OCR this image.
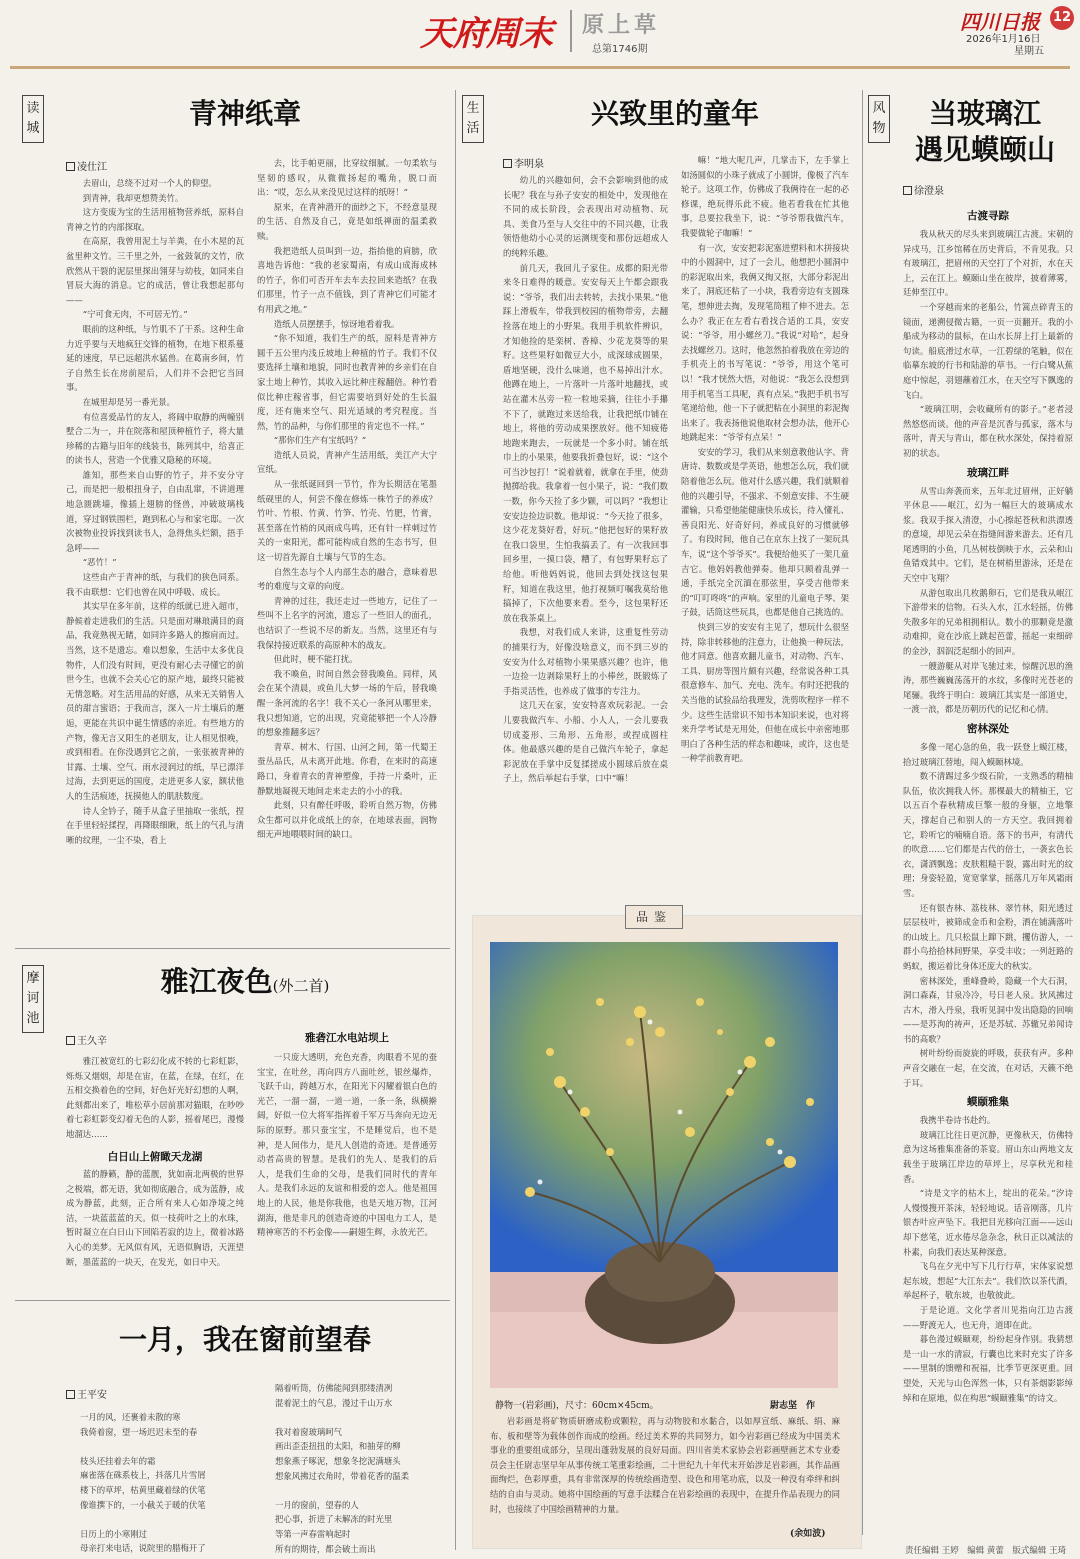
天府周末 原上草
总第1746期
四川日报 12
2026年1月16日
星期五
读城	青神纸章
凌仕江

去眉山，总绕不过对一个人的仰望。

到青神，我却更想赞美竹。

这方变废为宝的生活用植物营养纸，原料自青神之竹的内部探取。

在高原，我曾用泥土与羊粪，在小木屋的瓦盆里种文竹。三千里之外，一盆鼓氧的文竹，欣欣然从干裂的泥层里探出翎芽与幼枝，如同来自冒辰大海的消息。它的成活，曾让我想起那句——

“宁可食无肉，不可居无竹。”

眼前的这种纸，与竹肌不了干系。这种生命力近乎要与天地疯狂交锋的植物，在地下根系蔓延的速度，早已远超洪水猛兽。在葛南乡间，竹子自然生长在房前屋后，人们并不会把它当回事。

在城里却是另一番光景。

有位喜爱品竹的友人，将阔中取静的两幢别墅合二为一，并在院落和屋顶种植竹子，将大量珍稀的古籍与旧年的线装书，陈列其中，给喜正的读书人，营造一个优雅又隐秘的环境。

誰知，那些来自山野的竹子，并不安分守己，而是把一般根扭身子，自由乱窜，不讲道理地急匮跳墙，像插上翅膀的怪兽，冲破玻璃栈道，穿过钢铁围栏，跑到私心与和家宅邸。一次次被物业投诉找到读书人，急得焦头烂额，捂手急呼——

“恶竹！”

这些由产于青神的纸，与我们的狭色同系。我不由联想：它们也曾在风中呼吸、成长。

其实早在多年前，这样的纸就已进入超市，静候着走进我们的生活。只是面对琳琅满目的商品，我竟熟视无睹，如同许多路人的擦肩而过。当然，这不是遗忘。难以想象，生活中太多优良物件，人们没有时间，更没有耐心去寻懂它的前世今生，也就不会关心它的原产地，最终只能被无情忽略。对生活用品的好感，从来无关销售人员的甜言蜜语；于我而言，深入一片土壤后的邂逅，更能在共识中诞生情感的亲近。有些地方的产物，像无言又阳生的老朋友，让人相见恨晚，或到相看。在你没遇到它之前，一张张被青神的甘露、土壤、空气、雨水浸润过的纸，早已漂洋过海，去到更远的国度，走进更多人家，额状他人的生活痕迹，抚摸他人的肌肤数度。

诗人全钤子，随手从盒子里抽取一张纸，捏在手里轻轻揉捏，再降眼细瞅，纸上的气孔与清晰的纹理，一尘不染，看上

去，比手帕更丽，比穿纹细腻。一句柔软与坚韧的感叹，从微微扬起的嘴角，脱口而出：“哎，怎么从来没见过这样的纸呀！”

原来，在青神潜开的面纱之下，不经意显现的生活、自然及自己，竟是如纸禅面的温柔救赎。

我把造纸人员叫到一边，指抬他的肩膀，欣喜地告诉他：“我的老家蜀南，有成山成海成林的竹子，你们可否开车去车去拉回来造纸？在我们那里，竹子一点不值钱，到了青神它们可能才有用武之地。”

造纸人员摆摆手，惊讶地看着我。

“你不知道，我们生产的纸，原料是青神方圆千五公里内浅丘坡地上种植的竹子。我们不仅要选择土壤和地貌，同时也教青神的乡亲们在自家土地上种竹，其收入远比种庄稼翻倍。种竹看似比种庄稼省事，但它需要培到好处的生长温度，还有施来空气、阳光适域的考究程度。当然，竹的品种，与你们那里的肯定也不一样。”

“那你们生产有宝纸吗？”

造纸人员说，青神产生活用纸，美江产大宁宣纸。

从一张纸诞回到一节竹，作为长期活在笔墨纸砚里的人，何尝不像在修炼一株竹子的养成？竹叶、竹根、竹黄、竹笋、竹壳、竹肥，竹膏，甚至落在竹梢的风雨成鸟鸣，还有针一样刺过竹关的一束阳光，都可能构成自然的生态书写，但这一切首先源自土壤与气节的生态。

自然生态与个人内部生态的融合，意味着思考的难度与文章的向度。

青神的过往，我还走过一些地方，记住了一些叫不上名字的河流，遗忘了一些旧人的面孔，也结识了一些说不尽的新友。当然，这里还有与我保持接近联系的高原种木的战友。

但此时，梗不能打扰。

我不喚鱼，时间自然会替我喚鱼。同样，风会在某个清晨，或鱼儿大梦一场的午后，替我喚醒一条河流的名字！我不关心一条河从哪里来，我只想知道，它的出现，究竟能够把一个人冷静的想象推翻多远？

青草、树木、行国、山河之间，第一代蜀王蚕丛品氏，从未离开此地。你看，在来时的高速路口，身着青衣的青神塑像，手持一片桑叶，正静默地凝视天地间走来走去的小小的我。

此刻，只有醉任呼吸，聆听自然万物，仿佛众生都可以并化成纸上的奈，在地球表面，润物细无声地喂喂时间的缺口。

生活	兴致里的童年
李明泉

幼儿的兴趣如何，会不会影响到他的成长呢？我在与孙子安安的相处中，发现他在不同的成长阶段，会表现出对动植物、玩具、美食乃至与人交往中的不同兴趣，让我领悟他幼小心灵的运测规变和那份远超成人的纯粹乐趣。

前几天，我回儿子家住。成都的阳光带来冬日难得的暖意。安安每天上午都会跟我说：“爷爷，我们出去转转，去找小果果。”他踩上滑板车，带我到校园的植物带旁，去翻捡落在地上的小野果。我用手机软件辨识，才知他捡的是栾树、香樟、少花龙葵等的果籽。这些果籽如微豆大小，成深球成圆果，盾地坚硬，没什么味道，也不易掉出汁水。他蹲在地上，一片落叶一片落叶地翻找，或站在灌木丛旁一粒一粒地采摘，往往小手攥不下了，就跑过来送给我，让我把纸巾铺在地上，将他的劳动成果摆放好。他不知疲倦地跑来跑去，一玩就是一个多小时。铺在纸巾上的小果果，他要我折叠包好，说：“这个可当沙包打！”说着就着，就拿在手里，使劲抛掷给我。我拿着一包小果子，说：“我们数一数，你今天捡了多少颗，可以吗？”我想让安安边捡边识数。他却说：“今天捡了很多，这少花龙葵好看，好玩。”他把包好的果籽放在我口袋里，生怕我搞丢了。有一次我回事回乡里，一摸口袋，糟了，有包野果籽忘了给他。听他妈妈说，他回去到处找这包果籽，知道在我这里，他打视频叮嘱我莫给他搞掉了，下次他要来看。至今，这包果籽还放在我茶桌上。

我想，对我们成人来讲，这重复性劳动的捕果行为，好像没啥意义，而不到三岁的安安为什么对植物小果果感兴趣？也许，他一边捡一边剥除果籽上的小棒丝，既锻炼了手指灵活性，也养成了做事的专注力。

这几天在家，安安特喜欢玩彩泥。一会儿要我做汽车、小船、小人人，一会儿要我切成菱形、三角形、五角形，或捏成圆柱体。他最感兴趣的是自己做汽车轮子，拿起彩泥放在手掌中反复揉搓成小圆球后放在桌子上，然后举起右手掌，口中“嘛！

嘛！”地大呢几声，几掌击下，左手掌上如汤圆似的小珠子就成了小圆饼，像极了汽车轮子。这项工作，仿佛成了我俩待在一起的必修课，绝玩得乐此不疲。他若看我在忙其他事，总要拉我坐下，说：“爷爷帮我做汽车，我要做轮子咖嘛！”

有一次，安安把彩泥塞进塑料和木拼接块中的小圆洞中，过了一会儿，他想把小圆洞中的彩泥取出来，我俩又掏又抠，大部分彩泥出来了，洞底还粘了一小块，我看旁边有支圆珠笔，想伸进去掏，发现笔筒粗了伸不进去。怎么办？我正在左看右看找合适的工具，安安说：“爷爷，用小螺丝刀。”我说“对哈”，起身去找螺丝刀。这时，他忽然拍着我放在旁边的手机壳上的书写笔说：“爷爷，用这个笔可以！”我才恍然大悟，对他说：“我怎么没想到用手机笔当工具呢，真有点呆。”我把手机书写笔递给他，他一下子就把粘在小洞里的彩泥掏出来了。我表扬他说他取材会想办法，他开心地跳起来：“爷爷有点呆！”

安安的学习，我们从来刻意教他认字、背唐诗、数数或是学英语，他想怎么玩，我们就陪着他怎么玩。他对什么感兴趣，我们就顺着他的兴趣引导，不强求、不刻意安排、不生硬灌输，只希望他能健康快乐成长，待入懂礼、善良阳光、好奇好问，养成良好的习惯就够了。有段时间，他自己在京东上找了一架玩具车，说“这个爷爷买”。我便给他买了一架几童吉它。他妈妈教他弹奏。他却只顾着乱弹一通，手纸完全沉湎在那弦里，享受吉他带来的“叮叮咚咚”的声响。家里的儿童电子琴、架子鼓，话筒这些玩具，也都是他自己挑选的。

快到三岁的安安有主见了，想玩什么很坚持，除非转移他的注意力，让他换一种玩法，他才同意。他喜欢翻儿童书，对动物、汽车、工具、厨房等图片颇有兴趣，经常说各种工具很意修车、加气、充电、洗车。有时还把我的关当他的试验品给我理发，洗剪吹程序一样不少。这些生活常识不知书本知识来说，也对将来升学考试是无用处，但他在成长中亲密地那明白了各种生活的样态和趣味，或许，这也是一种学前教育吧。

风物	当玻璃江
遇见蟆颐山
徐澄泉
古渡寻踪

我从秋天的尽头来到玻璃江古渡。宋朝的异戍马，江乡馆稀在历史背后，不肯见我。只有玻璃江，把眉州的天空打了个对折，水在天上，云在江上。蟆颐山坐在彼岸，披着薄雾，廷伸至江中。

一个穿越而来的老船公，竹篙点碎青玉的镜面，递溯侵微古籍，一页一页翻开。我的小船成为移动的鼠标，在山水长屏上打上最新的句读。船底滑过水草，一江碧绿的笔触，似在临摹东坡的行书和陆游的草书。一行白鹭从蕉庭中惊起，羽翅蘸着江水，在天空写下飘逸的飞白。

“玻璃江明，会收藏所有的影子。”老者浸然悠悠而谈。他的声音是沉香与孤家，落木与落叶，青天与青山，都在秋水深处，保持着原初的状态。

玻璃江畔

从雪山奔袭而来，五年北过眉州，正好躺平休息——岷江，幻为一幅巨大的玻璃成水浆。我双手探入清澄，小心擦起苍秋和洪漂透的意境，却见云朵在指缝间游来游去。还有几尾透明的小鱼，几丛树枝倒映于水，云朵和山鱼错戏其中。它们，是在树梢里游泳，还是在天空中飞翔？

从游包取出几枚鹅卵石，它们是我从岷江下游带来的信物。石头入水，江水轻摇，仿佛失散多年的兄弟相拥相认。数小的那颗竟是激动难抑，竟在沙底上跳起芭蕾，摇起一束细碎的金沙，泅泅泛起细小的回声。

一艘游艇从对岸飞驰过来，惊醒沉思的渔涛，那些巍巍荡荡开的水纹，多像时光苍老的尾骊。我终于明白：玻璃江其实是一部道史，一渡一浪，都是历朝历代的记忆和心情。

密林深处

多像一尾心急的鱼，我一跃登上蟆江楼，拾过玻璃江替地，闯入蟆颐林境。

数不清踢过多少级石阶，一支熟悉的精柚队伍，依次拥我人怀。那棵最大的精柚王，它以五百个春秋精成巨擎一般的身躯，立地擎天，撑起自己和别人的一方天空。我回拥着它，聆听它的喃喃自语。落下的书声，有清代的吹意……它们都是古代的倍士，一袭玄色长衣，潇洒飘逸；皮肤粗糙干裂，露出时光的纹理；身姿轻盈，宽宽掌掌，摇落几万年风霜雨雪。

还有银杏林、荔枝林、翠竹林，阳光透过层层枝叶，被筛成金币和金粉，洒在铺满落叶的山坡上。几只松鼠上蹿下跳，攫仿游人，一群小鸟拾拾林间野果，享受丰收；一列赶路的蚂蚁，搬运着比身体还庞大的秋实。

密林深处，重峰叠岭，隐藏一个大石洞，洞口森森，甘泉冷冷，号日老人泉。狄风拂过古木，滑入丹泉，我听见洞中发出隐隐的回响——是苏洵的祷声，还是苏轼、苏辙兄弟闻诗书的高歌？

树叶纷纷而旋旋的呼吸，获获有声。多种声音交融在一起，在交流，在对话，天籁不绝于耳。

蟆颐雅集

我携半卷诗书赴约。

玻璃江比往日更沉静，更像秋天，仿佛特意为这场雅集准备的茶宴。眉山东山两地文友载坐于玻璃江岸边的草坪上，尽享秋光和桂香。

“诗是文字的枯木上，绽出的花朵。”汐诗人慢慢搜开茶沫，轻轻地说。话音刚落，几片银杏叶应声坠下。我把目光移向江面——远山却下慈笔，近水倦尽急杂念，秋日正以减法的朴素，向我们表达某种深意。

飞鸟在夕光中写下几行行草，宋体家说想起东坡，想起“大江东去”。我们饮以茶代酒，举起杯子，敬东坡，也敬彼此。

于是论道。文化学者川见指向江边古渡——野渡无人，也无舟，道即在此。

暮色漫过蟆颐观，纷纷起身作别。我猜想是一山一水的清寂，行囊也比来时充实了许多——里制的馈赠和祝福，比季节更深更重。回望处，天光与山色浑然一体，只有茶烟影影绰绰和在原地，似在构思“蟆颐雅集”的诗文。

摩诃池
雅江夜色(外二首)
王久辛

雅江被宽红的七彩幻化成不转的七彩虹影，烁烁又烟烟，却是在宙，在蓝，在绿，在红，在五相交换着色的空间，好色好光好幻想的人啊，此刻都出来了，唯松草小居前那对猫眼，在吵吵着七彩虹影变幻着无色的人影，摇着尾巴，漫慢地溜达……

白日山上俯瞰天龙湖

蓝的静籁，静的蓝靓，犹如南北两极的世界之极端，都无语，犹如彻底融合，成为蓝静，成成为静蓝，此刻，正合所有来人心如净境之纯洁，一块蓝蓝蓝的天。似一枝荷叶之上的水珠，暂时凝立在白日山下回陷若寂的边上，微着冰路入心的美梦。无风似有风，无语似胸语，天涯望断，墨蓝蓝的一块天，在发光，如日中天。

雅砻江水电站坝上

一只庞大透明，充色充香，肉眼看不见的蚕宝宝，在吐丝，再向四方八面吐丝，银丝爆炸，飞跃千山，跨越万水，在阳光下闪耀着银白色的光芒，一溜一溜，一道一道，一条一条，纵横擀阔，好似一位大将军指挥着千军万马奔向无边无际的原野。那只蚕宝宝，不是睡觉后，也不是神，是人间伟力，是凡人创造的奇迹。是普通劳动者高贵的智慧。是我们的先人、是我们的后人，是我们生命的父母，是我们同时代的青年人。是我们永远的友谊和相爱的恋人。他是祖国地上的人民，他是你我他，也是天地万物，江河湖海，他是非凡的创造奇迹的中国电力工人，是精神寒苦的不朽金像——嗣翅生辉，永放光芒。

一月，我在窗前望春
王平安
一月的风，还裹着未散的寒
我倚着窗，望一场迟迟未至的春

枝头还挂着去年的霜
麻雀落在硃系枝上，抖落几片雪屑
楼下的草坪，枯黄里藏着绿的伏笔
像谁撰下的，一小截关于暖的伏笔

日历上的小寒刚过
母亲打来电话，说院里的腊梅开了
隔着听筒，仿佛能闻到那缕清冽
混着泥土的气息，漫过千山万水

我对着窗玻璃呵气
画出歪歪扭扭的太阳，和抽芽的柳
想象燕子啄泥，想象冬挖泥满塘头
想象风拂过衣角时，带着花香的温柔

一月的窗前，望春的人
把心事，折进了未解冻的时光里
等第一声春雷响起时
所有的期待，都会破土而出
品鉴
静物一(岩彩画)，尺寸：60cm×45cm。	尉志坚　作

岩彩画是将矿物质研磨成粉或颗粒，再与动物胶和水黏合，以如厚宣纸、麻纸、绢、麻布、板和壁等为载体创作而成的绘画。经过美术界的共同努力，如今岩彩画已经成为中国美术事业的重要组成部分，呈现出蓬勃发展的良好局面。四川省美术家协会岩彩画壁画艺术专业委员会主任尉志坚早年从事传统工笔重彩绘画，二十世纪九十年代末开始涉足岩彩画，其作品画面绚烂，色彩厚重，具有非常深厚的传统绘画造型、设色和用笔功底，以及一种没有牵绊和纠结的自由与灵动。她将中国绘画的写意手法糅合在岩彩绘画的表现中，在提升作品表现力的同时，也接续了中国绘画精神的力量。

(余如波)
责任编辑 王婷　编辑 黄蕾　版式编辑 王琦
